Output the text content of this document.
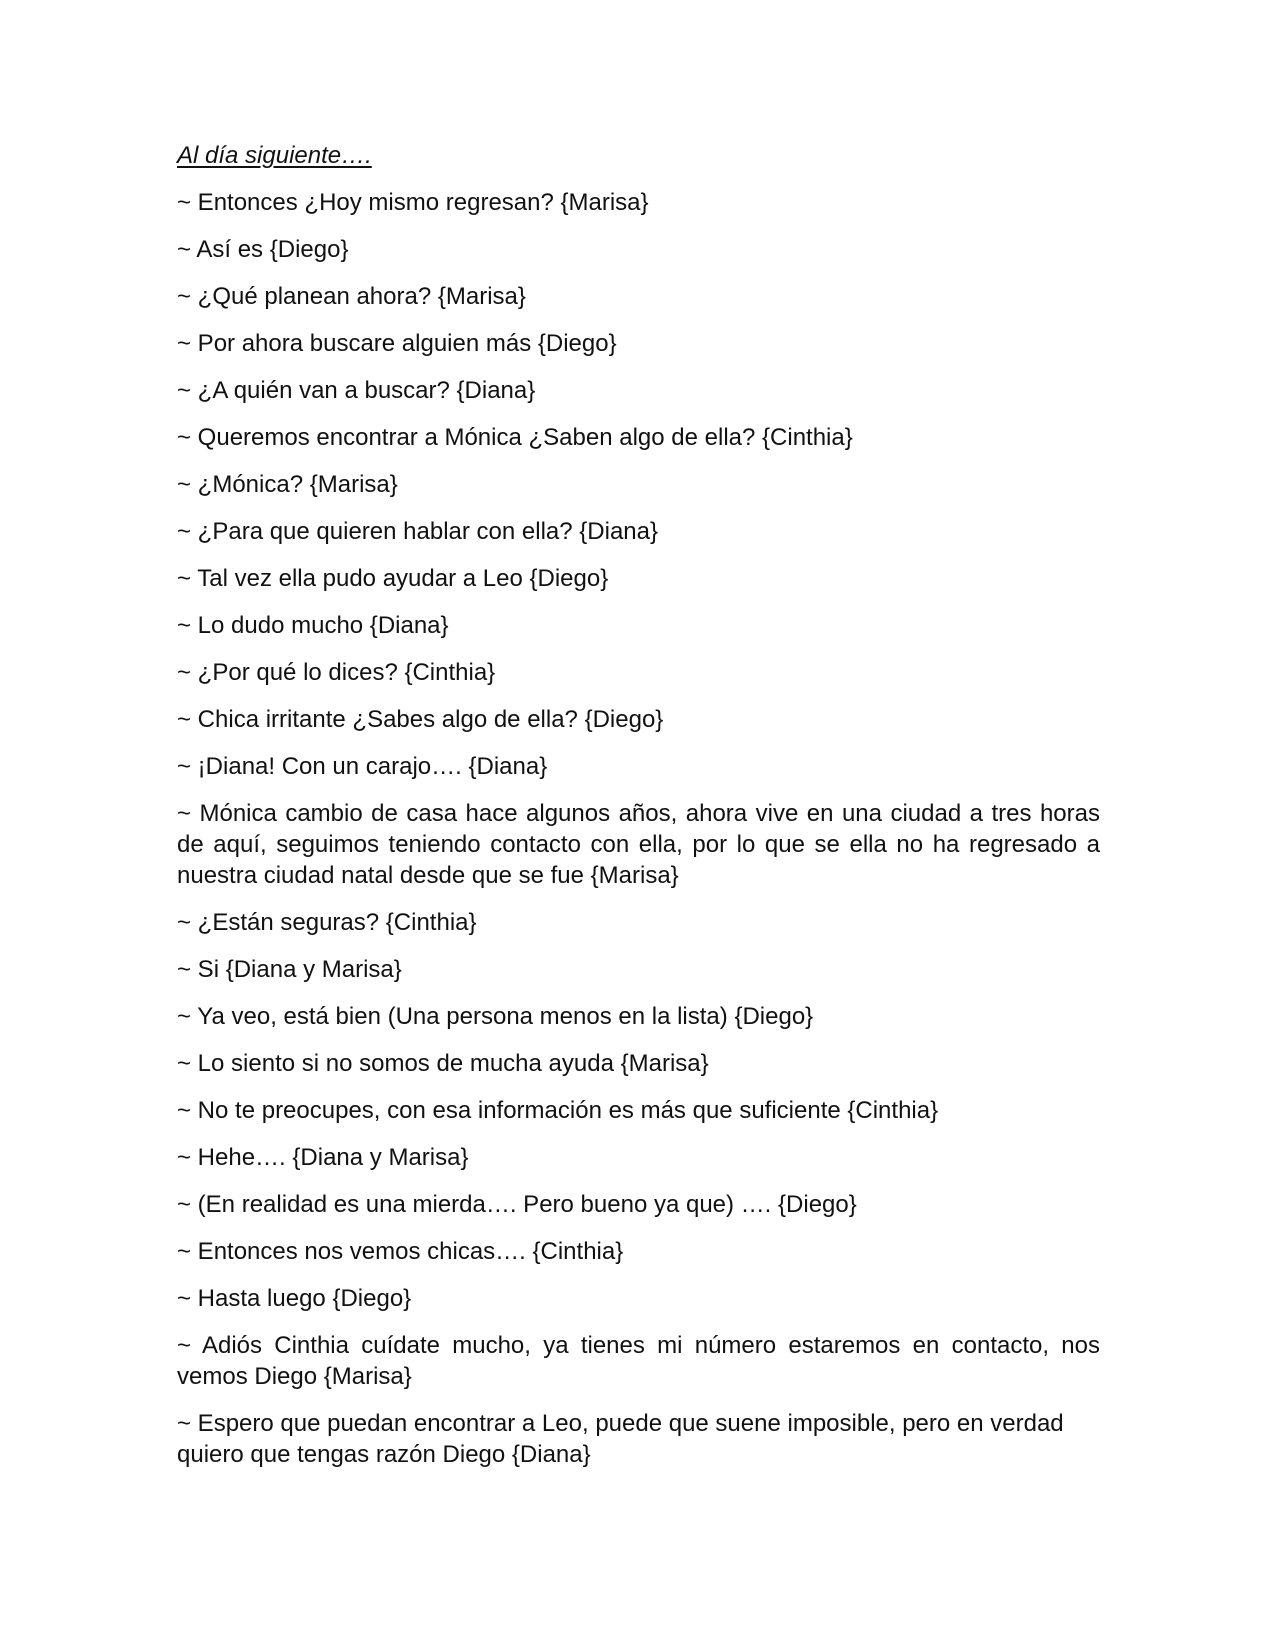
Al día siguiente….

~ Entonces ¿Hoy mismo regresan? {Marisa}

~ Así es {Diego}

~ ¿Qué planean ahora? {Marisa}

~ Por ahora buscare alguien más {Diego}

~ ¿A quién van a buscar? {Diana}

~ Queremos encontrar a Mónica ¿Saben algo de ella? {Cinthia}

~ ¿Mónica? {Marisa}

~ ¿Para que quieren hablar con ella? {Diana}

~ Tal vez ella pudo ayudar a Leo {Diego}

~ Lo dudo mucho {Diana}

~ ¿Por qué lo dices? {Cinthia}

~ Chica irritante ¿Sabes algo de ella? {Diego}

~ ¡Diana! Con un carajo…. {Diana}

~ Mónica cambio de casa hace algunos años, ahora vive en una ciudad a tres horas de aquí, seguimos teniendo contacto con ella, por lo que se ella no ha regresado a nuestra ciudad natal desde que se fue {Marisa}

~ ¿Están seguras? {Cinthia}

~ Si {Diana y Marisa}

~ Ya veo, está bien (Una persona menos en la lista) {Diego}

~ Lo siento si no somos de mucha ayuda {Marisa}

~ No te preocupes, con esa información es más que suficiente {Cinthia}

~ Hehe…. {Diana y Marisa}

~ (En realidad es una mierda…. Pero bueno ya que) …. {Diego}

~ Entonces nos vemos chicas…. {Cinthia}

~ Hasta luego {Diego}

~ Adiós Cinthia cuídate mucho, ya tienes mi número estaremos en contacto, nos vemos Diego {Marisa}

~ Espero que puedan encontrar a Leo, puede que suene imposible, pero en verdad quiero que tengas razón Diego {Diana}
